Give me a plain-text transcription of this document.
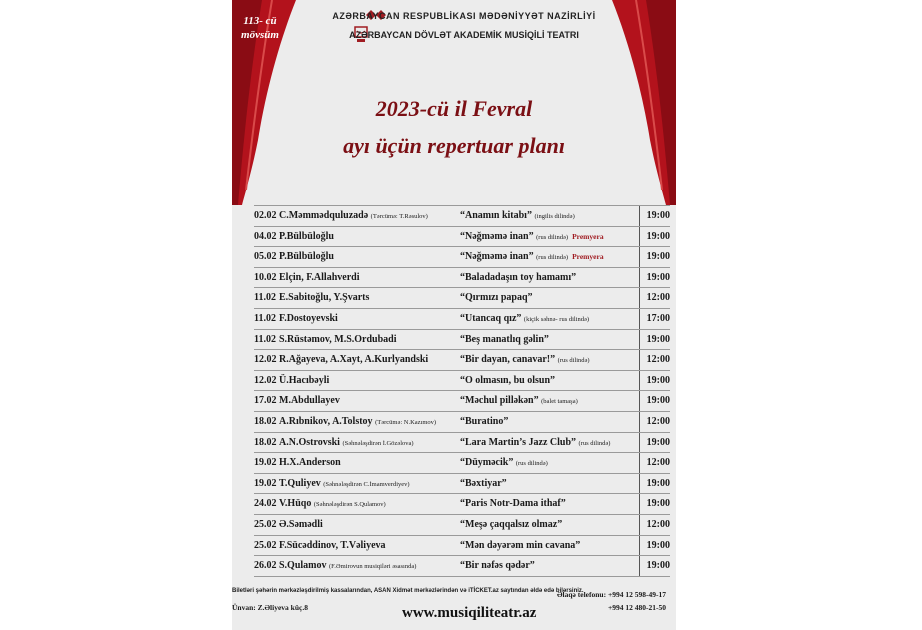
113- cü
mövsüm
AZƏRBAYCAN RESPUBLİKASI MƏDƏNİYYƏT NAZİRLİYİ
AZƏRBAYCAN DÖVLƏT AKADEMİK MUSİQİLİ TEATRI
2023-cü il Fevral
ayı üçün repertuar planı
02.02 C.Məmmədquluzadə (Tərcümə: T.Rəsulov)	“Anamın kitabı” (ingilis dilində)	19:00
04.02 P.Bülbüloğlu	“Nəğməmə inan” (rus dilində) Premyera	19:00
05.02 P.Bülbüloğlu	“Nəğməmə inan” (rus dilində) Premyera	19:00
10.02 Elçin, F.Allahverdi	“Baladadaşın toy hamamı”	19:00
11.02 E.Sabitoğlu, Y.Şvarts	“Qırmızı papaq”	12:00
11.02 F.Dostoyevski	“Utancaq qız” (kiçik səhnə- rus dilində)	17:00
11.02 S.Rüstəmov, M.S.Ordubadi	“Beş manatlıq gəlin”	19:00
12.02 R.Ağayeva, A.Xayt, A.Kurlyandski	“Bir dayan, canavar!” (rus dilində)	12:00
12.02 Ü.Hacıbəyli	“O olmasın, bu olsun”	19:00
17.02 M.Abdullayev	“Məchul pilləkən” (balet tamaşa)	19:00
18.02 A.Rıbnikov, A.Tolstoy (Tərcümə: N.Kazımov) “Buratino”	12:00
18.02 A.N.Ostrovski (Səhnələşdirən İ.Gözəlova)	“Lara Martin’s Jazz Club” (rus dilində)	19:00
19.02 H.X.Anderson	“Düyməcik” (rus dilində)	12:00
19.02 T.Quliyev (Səhnələşdirən C.İmamverdiyev)	“Bəxtiyar”	19:00
24.02 V.Hüqo (Səhnələşdirən S.Qulamov)	“Paris Notr-Dama ithaf”	19:00
25.02 Ə.Səmədli	“Meşə çaqqalsız olmaz”	12:00
25.02 F.Sücəddinov, T.Vəliyeva	“Mən dəyərəm min cavana”	19:00
26.02 S.Qulamov (F.Əmirovun musiqiləri əsasında)	“Bir nəfəs qədər”	19:00
Biletləri şəhərin mərkəzləşdirilmiş kassalarından, ASAN Xidmət mərkəzlərindən və iTİCKET.az saytından əldə edə bilərsiniz.
Ünvan: Z.Əliyeva küç.8
Əlaqə telefonu: +994 12 598-49-17
+994 12 480-21-50
www.musiqiliteatr.az
